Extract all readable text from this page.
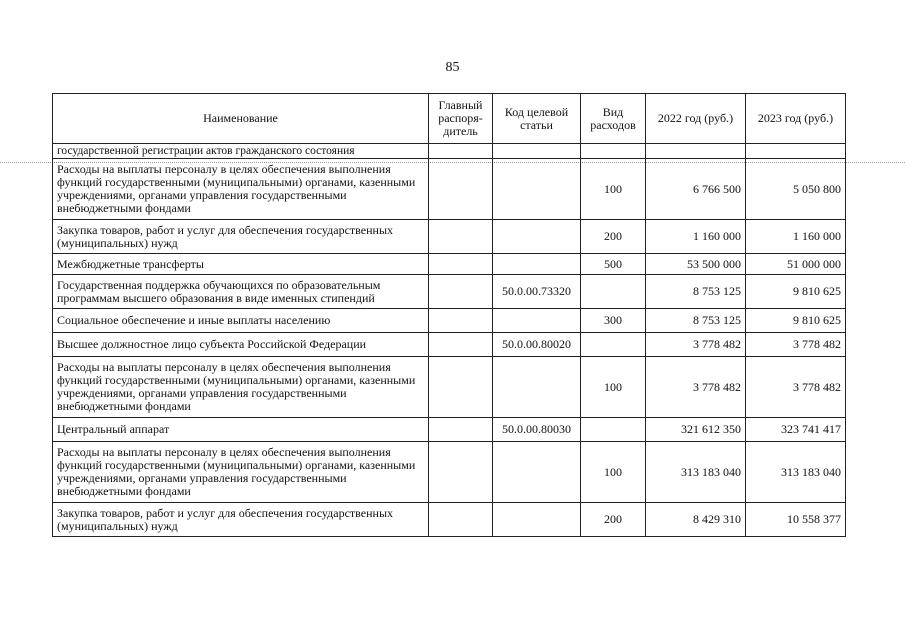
85
Наименование	Главный распоря-дитель	Код целевой статьи	Вид расходов	2022 год (руб.)	2023 год (руб.)
государственной регистрации актов гражданского состояния					
Расходы на выплаты персоналу в целях обеспечения выполнения функций государственными (муниципальными) органами, казенными учреждениями, органами управления государственными внебюджетными фондами			100	6 766 500	5 050 800
Закупка товаров, работ и услуг для обеспечения государственных (муниципальных) нужд			200	1 160 000	1 160 000
Межбюджетные трансферты			500	53 500 000	51 000 000
Государственная поддержка обучающихся по образовательным программам высшего образования в виде именных стипендий		50.0.00.73320		8 753 125	9 810 625
Социальное обеспечение и иные выплаты населению			300	8 753 125	9 810 625
Высшее должностное лицо субъекта Российской Федерации		50.0.00.80020		3 778 482	3 778 482
Расходы на выплаты персоналу в целях обеспечения выполнения функций государственными (муниципальными) органами, казенными учреждениями, органами управления государственными внебюджетными фондами			100	3 778 482	3 778 482
Центральный аппарат		50.0.00.80030		321 612 350	323 741 417
Расходы на выплаты персоналу в целях обеспечения выполнения функций государственными (муниципальными) органами, казенными учреждениями, органами управления государственными внебюджетными фондами			100	313 183 040	313 183 040
Закупка товаров, работ и услуг для обеспечения государственных (муниципальных) нужд			200	8 429 310	10 558 377
